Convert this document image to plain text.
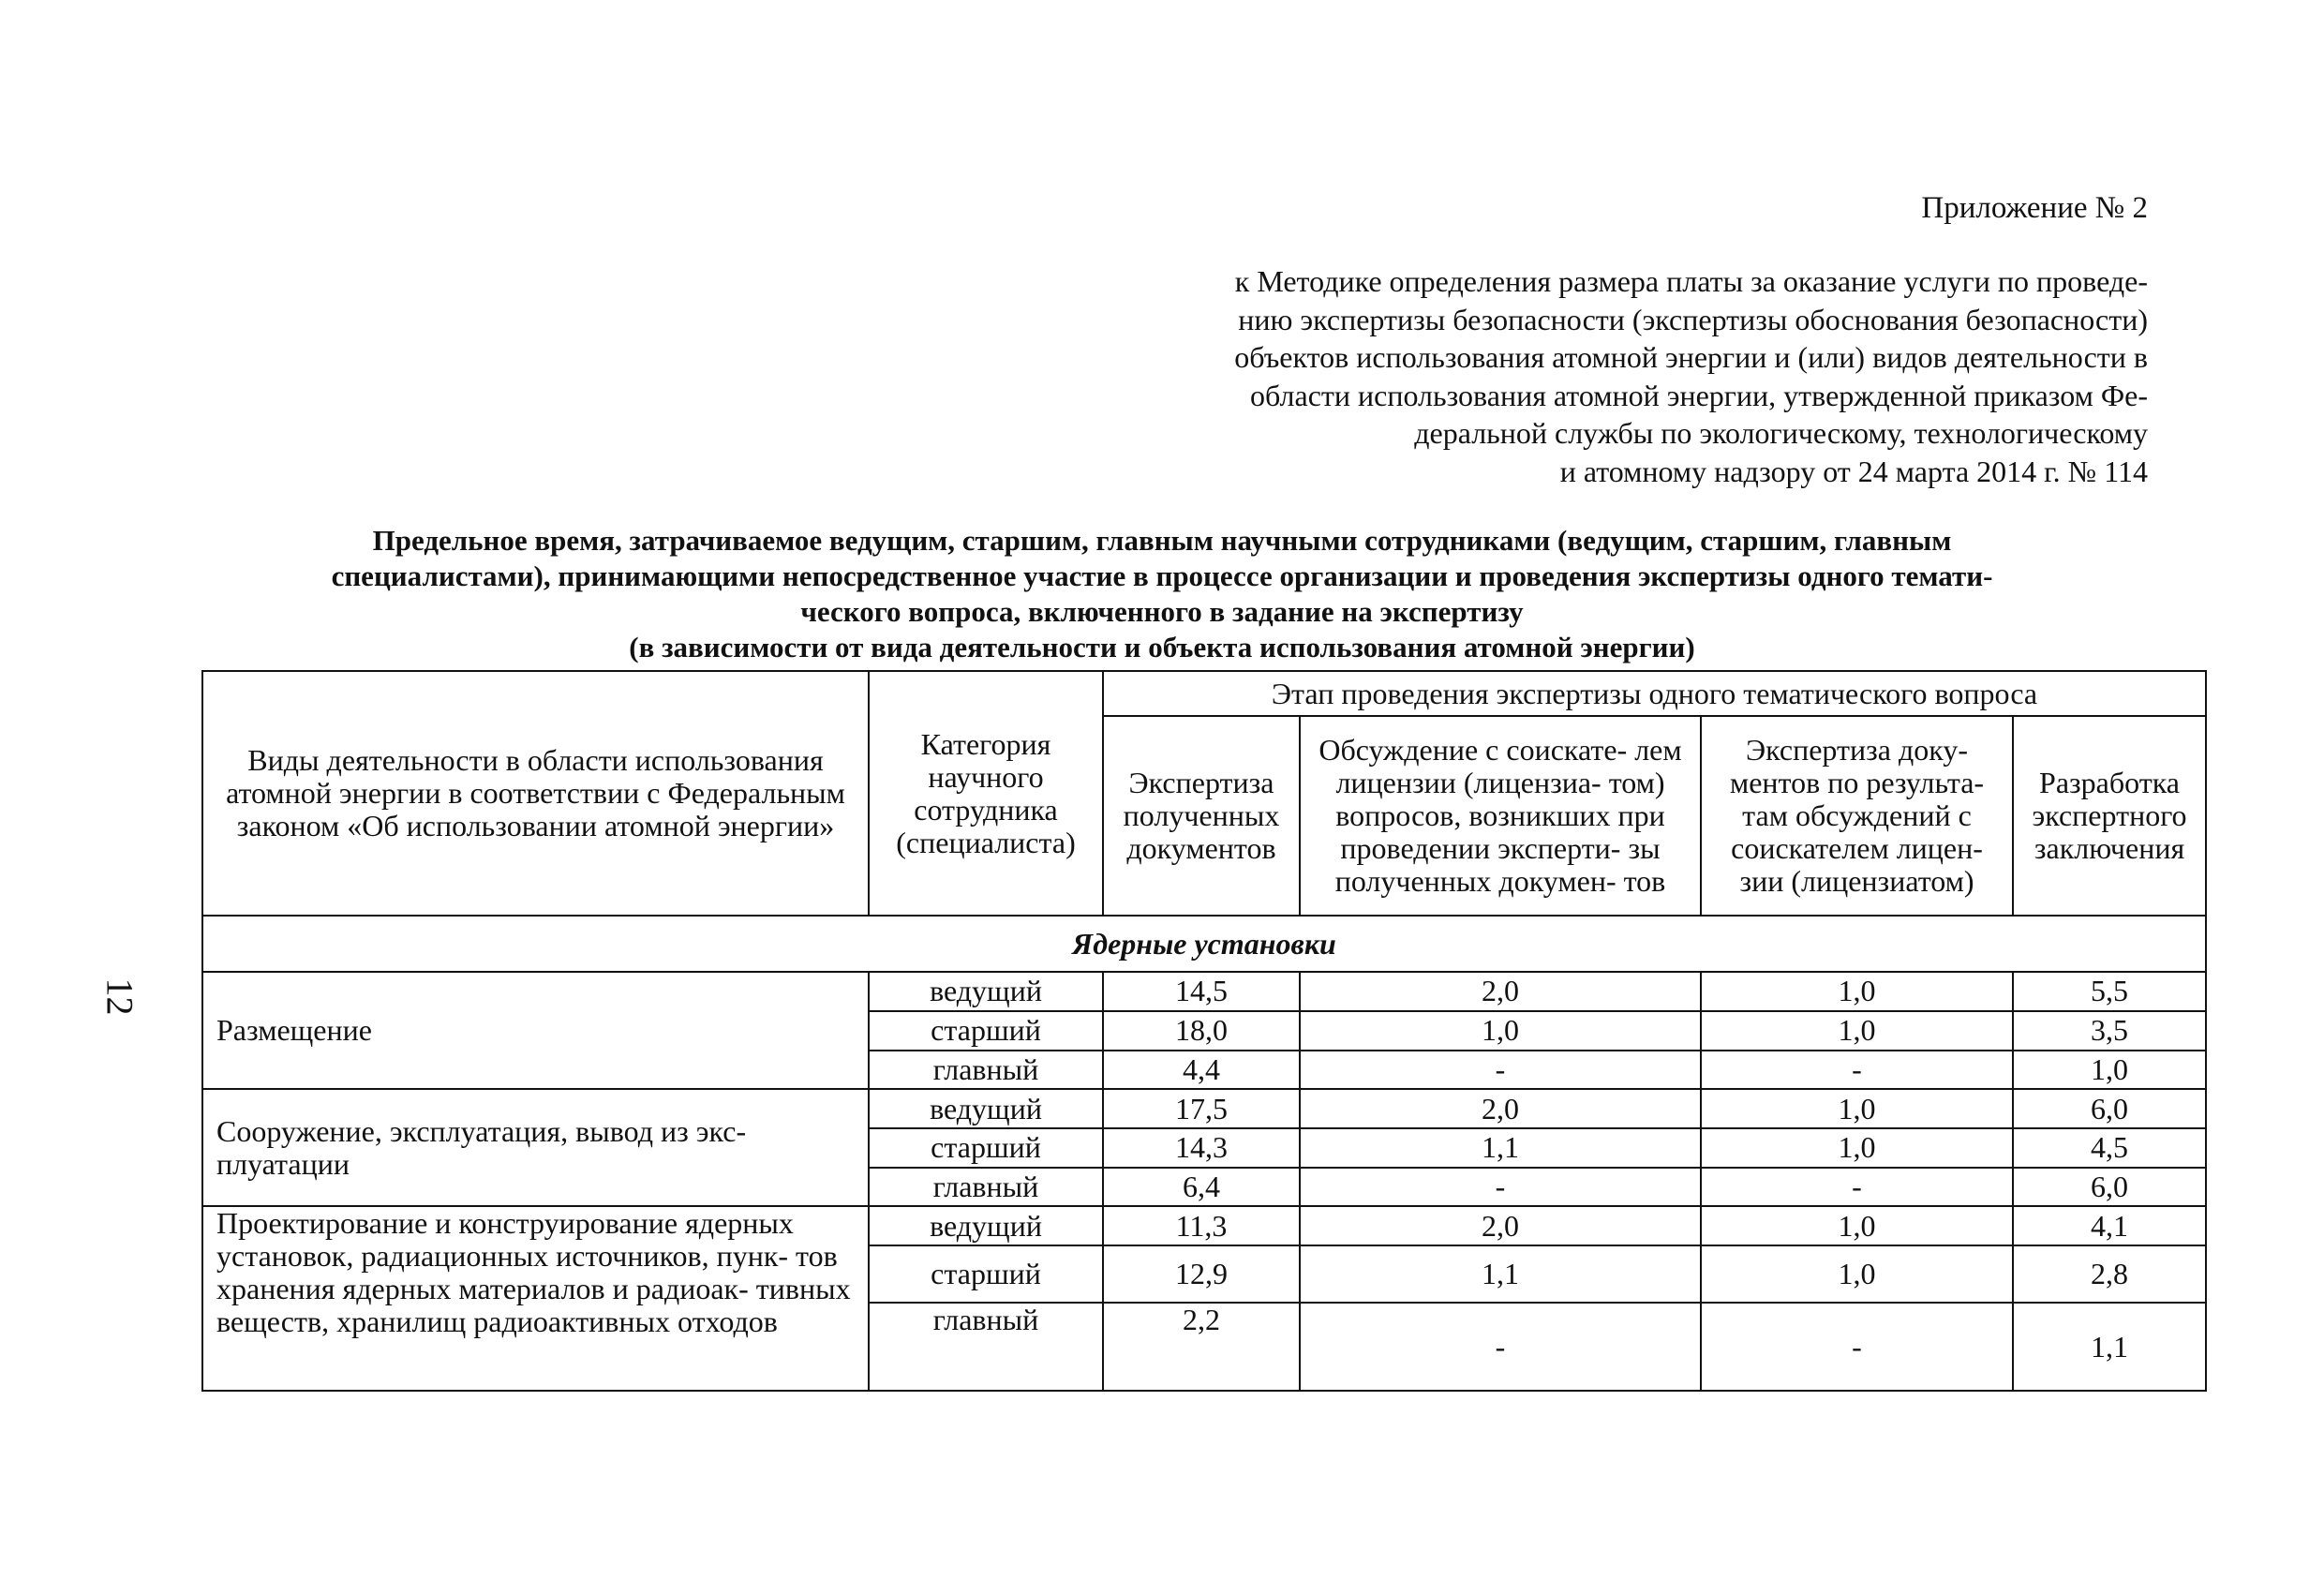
Приложение № 2
к Методике определения размера платы за оказание услуги по проведе-
нию экспертизы безопасности (экспертизы обоснования безопасности)
объектов использования атомной энергии и (или) видов деятельности в
области использования атомной энергии, утвержденной приказом Фе-
деральной службы по экологическому, технологическому
и атомному надзору от 24 марта 2014 г. № 114
Предельное время, затрачиваемое ведущим, старшим, главным научными сотрудниками (ведущим, старшим, главным
специалистами), принимающими непосредственное участие в процессе организации и проведения экспертизы одного темати-
ческого вопроса, включенного в задание на экспертизу
(в зависимости от вида деятельности и объекта использования атомной энергии)
12
Виды деятельности в области использования атомной энергии в соответствии с Федеральным законом «Об использовании атомной энергии»	Категория научного сотрудника (специалиста)	Этап проведения экспертизы одного тематического вопроса			
		Экспертиза полученных документов	Обсуждение с соискате- лем лицензии (лицензиа- том) вопросов, возникших при проведении эксперти- зы полученных докумен- тов	Экспертиза доку- ментов по результа- там обсуждений с соискателем лицен- зии (лицензиатом)	Разработка экспертного заключения
Ядерные установки					
Размещение	ведущий	14,5	2,0	1,0	5,5
	старший	18,0	1,0	1,0	3,5
	главный	4,4	-	-	1,0
Сооружение, эксплуатация, вывод из экс- плуатации	ведущий	17,5	2,0	1,0	6,0
	старший	14,3	1,1	1,0	4,5
	главный	6,4	-	-	6,0
Проектирование и конструирование ядерных установок, радиационных источников, пунк- тов хранения ядерных материалов и радиоак- тивных веществ, хранилищ радиоактивных отходов	ведущий	11,3	2,0	1,0	4,1
	старший	12,9	1,1	1,0	2,8
	главный	2,2	-	-	1,1
